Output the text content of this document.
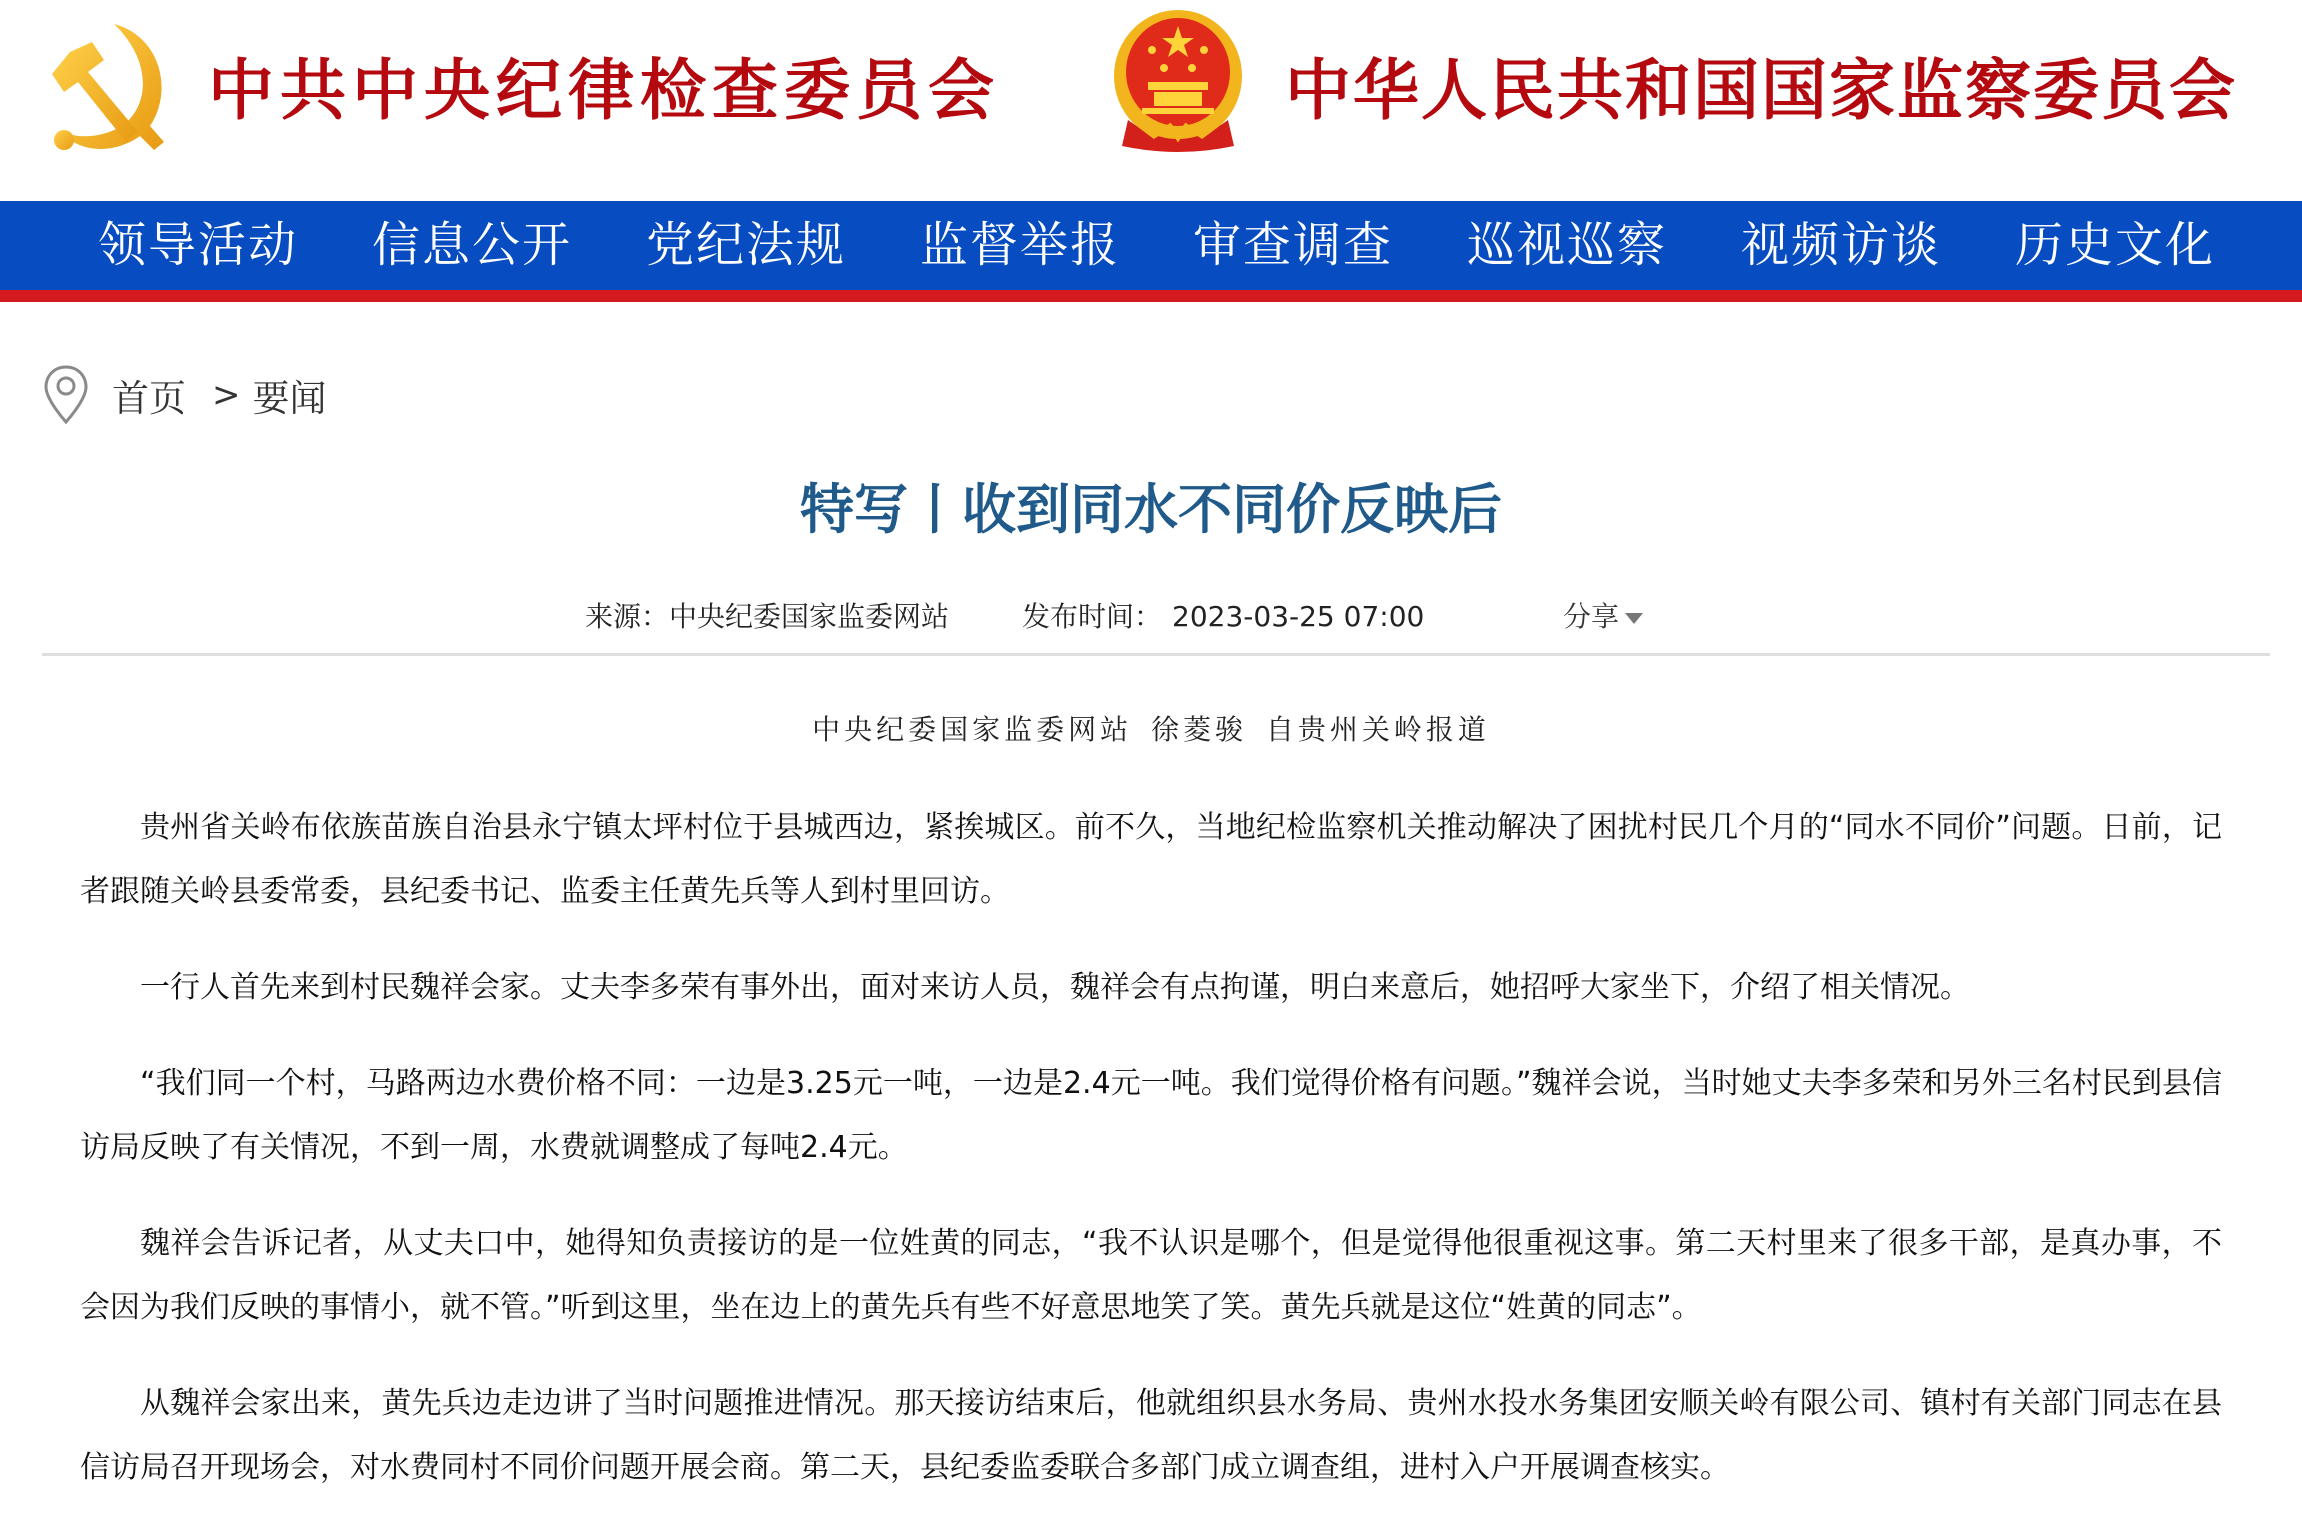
中共中央纪律检查委员会	中华人民共和国国家监察委员会
领导活动 信息公开 党纪法规 监督举报 审查调查 巡视巡察 视频访谈 历史文化
首页 > 要闻
特写丨收到同水不同价反映后
来源：中央纪委国家监委网站	发布时间： 2023-03-25 07:00	分享
中央纪委国家监委网站 徐菱骏 自贵州关岭报道

贵州省关岭布依族苗族自治县永宁镇太坪村位于县城西边，紧挨城区。前不久，当地纪检监察机关推动解决了困扰村民几个月的“同水不同价”问题。日前，记者跟随关岭县委常委，县纪委书记、监委主任黄先兵等人到村里回访。

一行人首先来到村民魏祥会家。丈夫李多荣有事外出，面对来访人员，魏祥会有点拘谨，明白来意后，她招呼大家坐下，介绍了相关情况。

“我们同一个村，马路两边水费价格不同：一边是3.25元一吨，一边是2.4元一吨。我们觉得价格有问题。”魏祥会说，当时她丈夫李多荣和另外三名村民到县信访局反映了有关情况，不到一周，水费就调整成了每吨2.4元。

魏祥会告诉记者，从丈夫口中，她得知负责接访的是一位姓黄的同志，“我不认识是哪个，但是觉得他很重视这事。第二天村里来了很多干部，是真办事，不会因为我们反映的事情小，就不管。”听到这里，坐在边上的黄先兵有些不好意思地笑了笑。黄先兵就是这位“姓黄的同志”。

从魏祥会家出来，黄先兵边走边讲了当时问题推进情况。那天接访结束后，他就组织县水务局、贵州水投水务集团安顺关岭有限公司、镇村有关部门同志在县信访局召开现场会，对水费同村不同价问题开展会商。第二天，县纪委监委联合多部门成立调查组，进村入户开展调查核实。
